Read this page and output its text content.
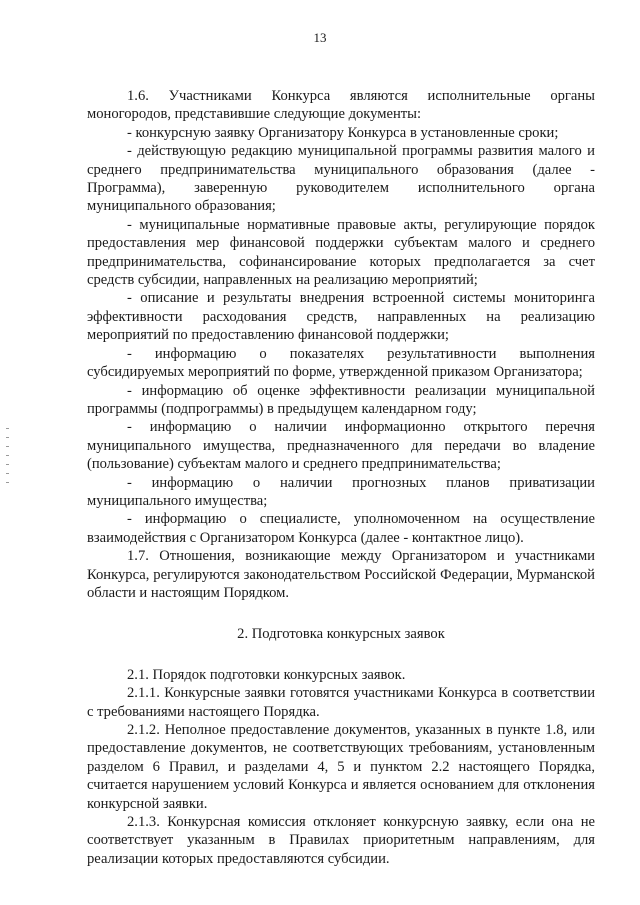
13

1.6. Участниками Конкурса являются исполнительные органы моногородов, представившие следующие документы:

- конкурсную заявку Организатору Конкурса в установленные сроки;

- действующую редакцию муниципальной программы развития малого и среднего предпринимательства муниципального образования (далее - Программа), заверенную руководителем исполнительного органа муниципального образования;

- муниципальные нормативные правовые акты, регулирующие порядок предоставления мер финансовой поддержки субъектам малого и среднего предпринимательства, софинансирование которых предполагается за счет средств субсидии, направленных на реализацию мероприятий;

- описание и результаты внедрения встроенной системы мониторинга эффективности расходования средств, направленных на реализацию мероприятий по предоставлению финансовой поддержки;

- информацию о показателях результативности выполнения субсидируемых мероприятий по форме, утвержденной приказом Организатора;

- информацию об оценке эффективности реализации муниципальной программы (подпрограммы) в предыдущем календарном году;

- информацию о наличии информационно открытого перечня муниципального имущества, предназначенного для передачи во владение (пользование) субъектам малого и среднего предпринимательства;

- информацию о наличии прогнозных планов приватизации муниципального имущества;

- информацию о специалисте, уполномоченном на осуществление взаимодействия с Организатором Конкурса (далее - контактное лицо).

1.7. Отношения, возникающие между Организатором и участниками Конкурса, регулируются законодательством Российской Федерации, Мурманской области и настоящим Порядком.

2. Подготовка конкурсных заявок

2.1. Порядок подготовки конкурсных заявок.

2.1.1. Конкурсные заявки готовятся участниками Конкурса в соответствии с требованиями настоящего Порядка.

2.1.2. Неполное предоставление документов, указанных в пункте 1.8, или предоставление документов, не соответствующих требованиям, установленным разделом 6 Правил, и разделами 4, 5 и пунктом 2.2 настоящего Порядка, считается нарушением условий Конкурса и является основанием для отклонения конкурсной заявки.

2.1.3. Конкурсная комиссия отклоняет конкурсную заявку, если она не соответствует указанным в Правилах приоритетным направлениям, для реализации которых предоставляются субсидии.
